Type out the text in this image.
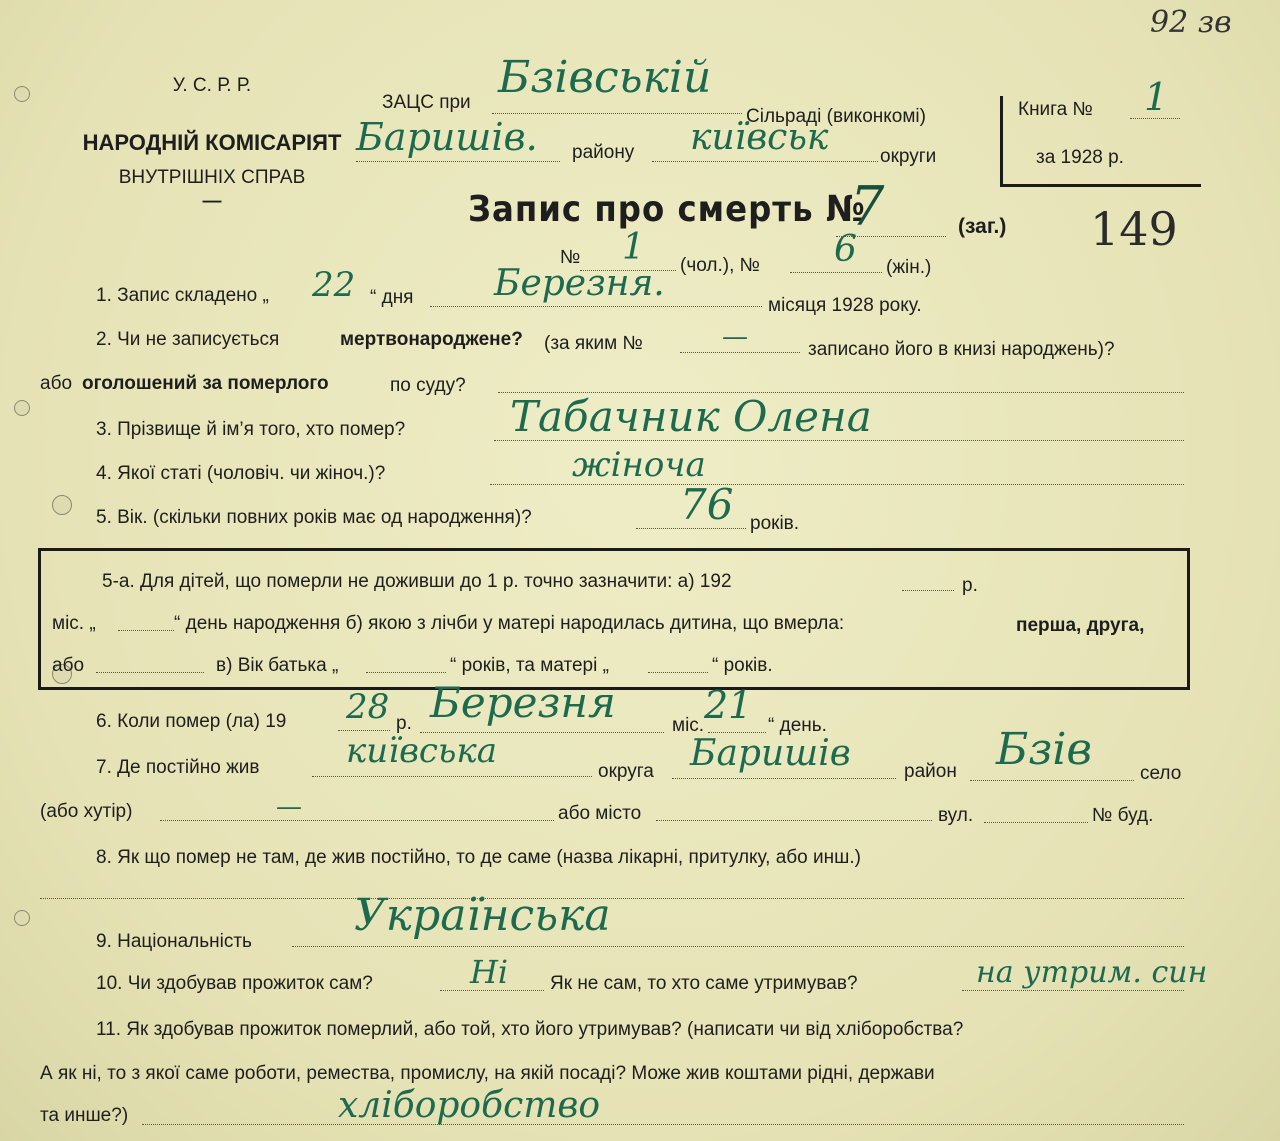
92 зв
У. С. Р. Р.
НАРОДНІЙ КОМІСАРІЯТ
ВНУТРІШНІХ СПРАВ
—
ЗАЦС при Бзівській
Сільраді (виконкомі)
Баришів. району київськ	округи
Книга № 1
за 1928 р.
Запис про смерть №
7	(заг.) 149
№ 1 (чол.), № 6 (жін.)
1. Запис складено „ 22 “ дня Березня.
місяця 1928 року.
2. Чи не записується	мертвонароджене? (за яким №	—	записано його в книзі народжень)?
або оголошений за померлого	по суду?
3. Прізвище й ім’я того, хто помер? Табачник Олена
4. Якої статі (чоловіч. чи жіноч.)?	жіноча
5. Вік. (скільки повних років має од народження)?	76 років.
5-а. Для дітей, що померли не доживши до 1 р. точно зазначити: а) 192	р.
міс. „	“ день народження б) якою з лічби у матері народилась дитина, що вмерла:	перша, друга,
або	в) Вік батька „	“ років, та матері „	“ років.
6. Коли помер (ла) 19 28 р. Березня	міс. 21 “ день.
7. Де постійно жив	київська
округа Баришів	район Бзів	село
(або хутір)	—	або місто	вул.	№ буд.
8. Як що помер не там, де жив постійно, то де саме (назва лікарні, притулку, або инш.)
9. Національність
Українська
10. Чи здобував прожиток сам?	Ні Як не сам, то хто саме утримував?	на утрим. син
11. Як здобував прожиток померлий, або той, хто його утримував? (написати чи від хліборобства?
А як ні, то з якої саме роботи, ремества, промислу, на якій посаді? Може жив коштами рідні, держави
та инше?)	хліборобство
